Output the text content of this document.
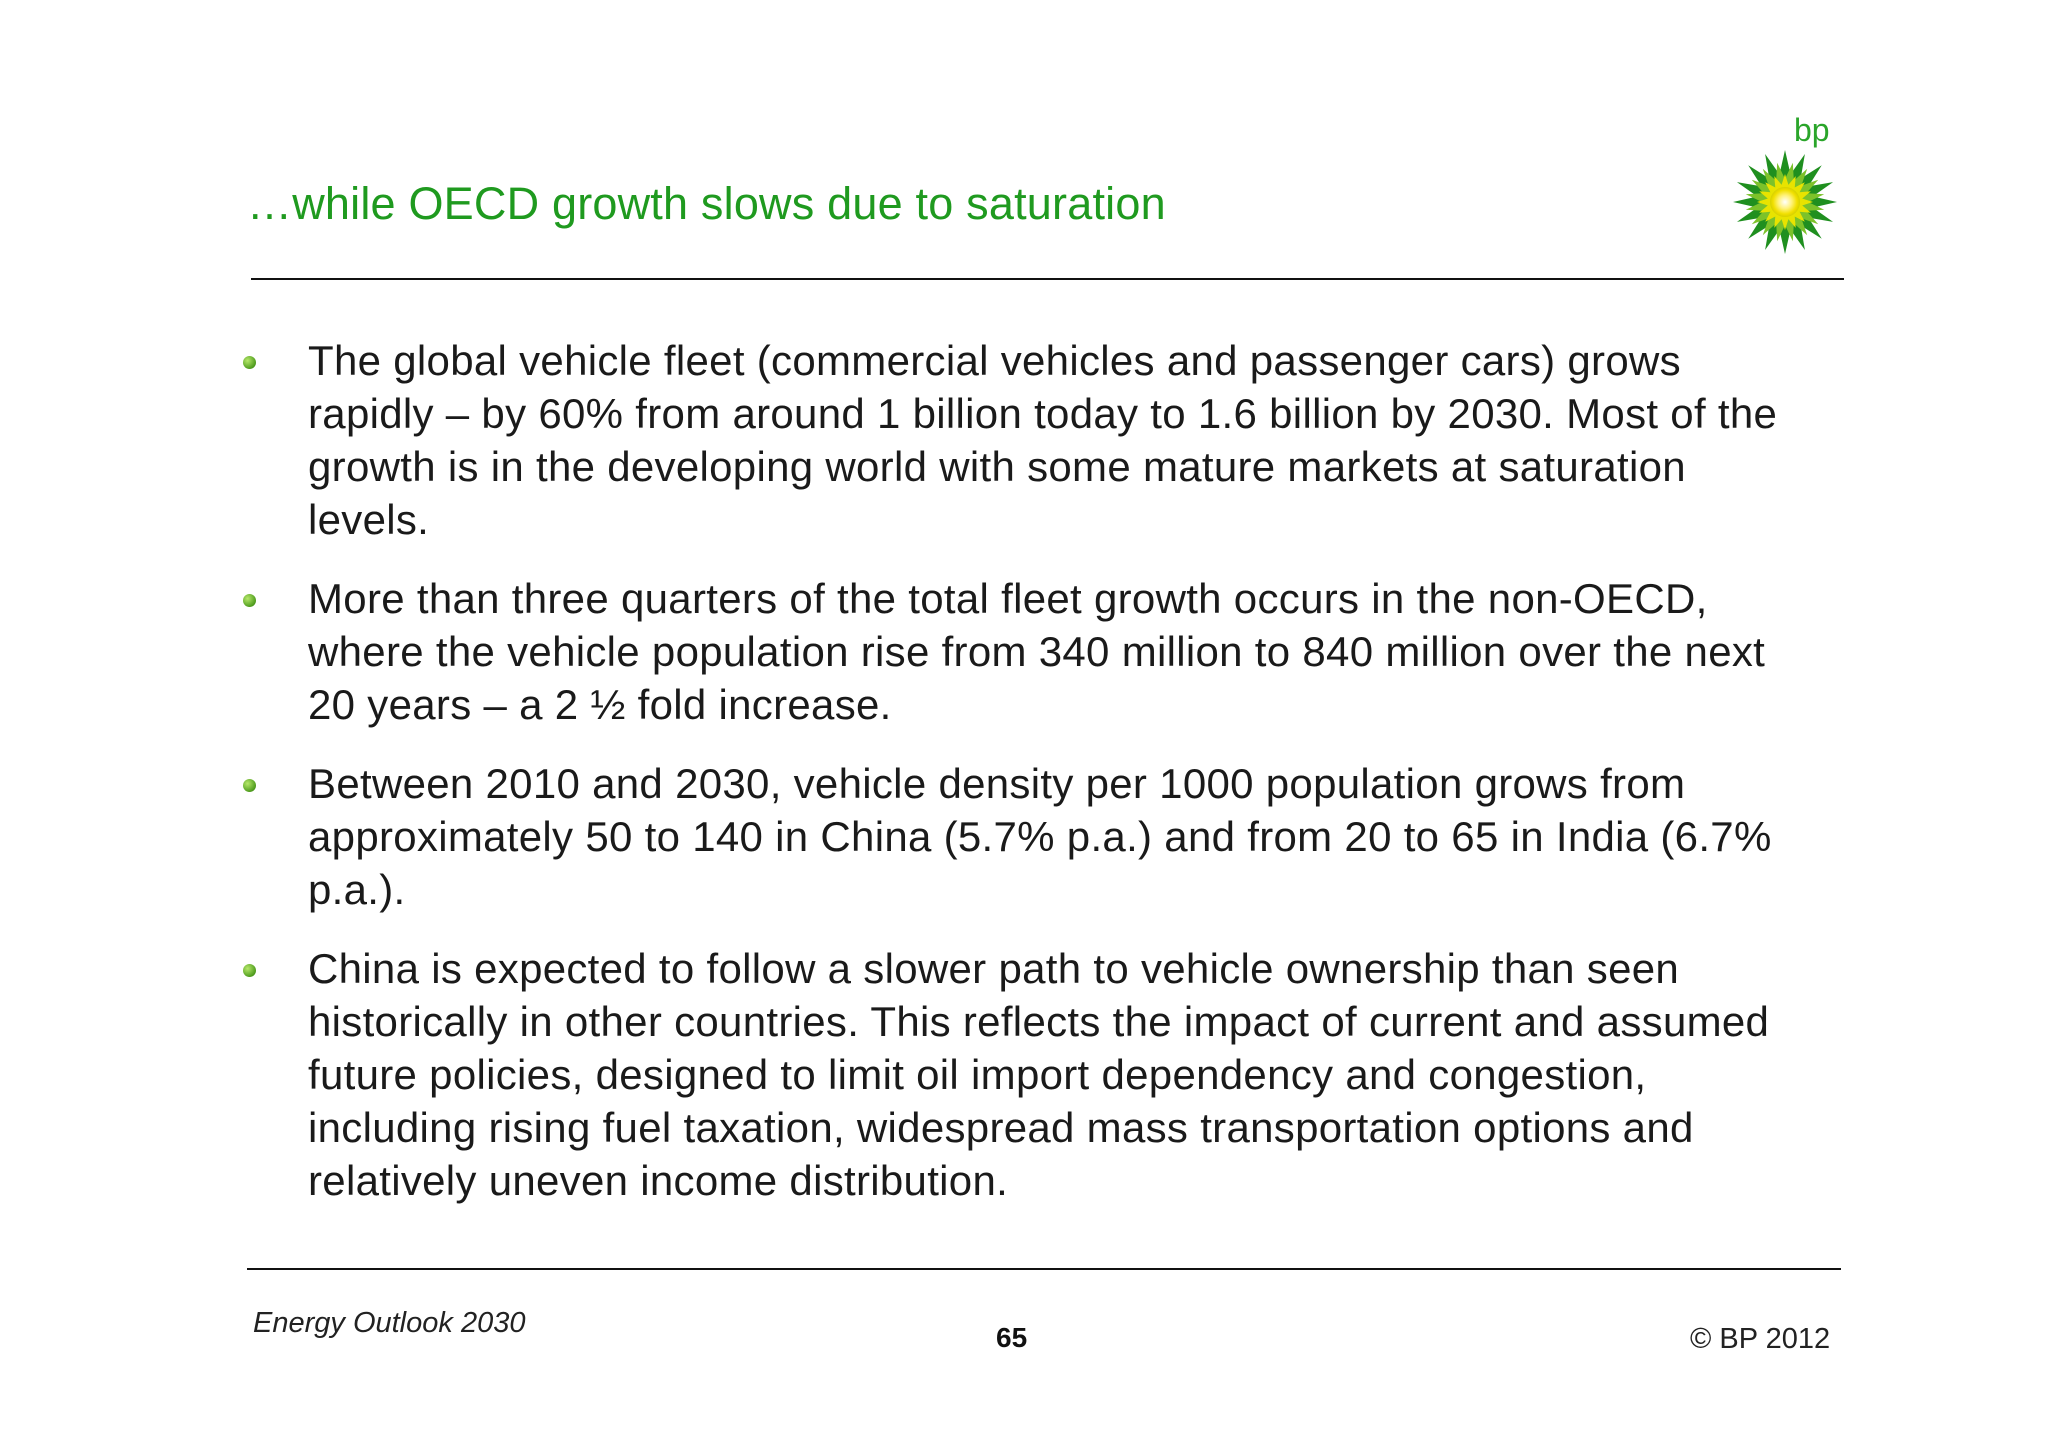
…while OECD growth slows due to saturation
bp
The global vehicle fleet (commercial vehicles and passenger cars) grows rapidly – by 60% from around 1 billion today to 1.6 billion by 2030. Most of the growth is in the developing world with some mature markets at saturation levels.
More than three quarters of the total fleet growth occurs in the non-OECD, where the vehicle population rise from 340 million to 840 million over the next 20 years – a 2 ½ fold increase.
Between 2010 and 2030, vehicle density per 1000 population grows from approximately 50 to 140 in China (5.7% p.a.) and from 20 to 65 in India (6.7% p.a.).
China is expected to follow a slower path to vehicle ownership than seen historically in other countries. This reflects the impact of current and assumed future policies, designed to limit oil import dependency and congestion, including rising fuel taxation, widespread mass transportation options and relatively uneven income distribution.
Energy Outlook 2030	65	© BP 2012
